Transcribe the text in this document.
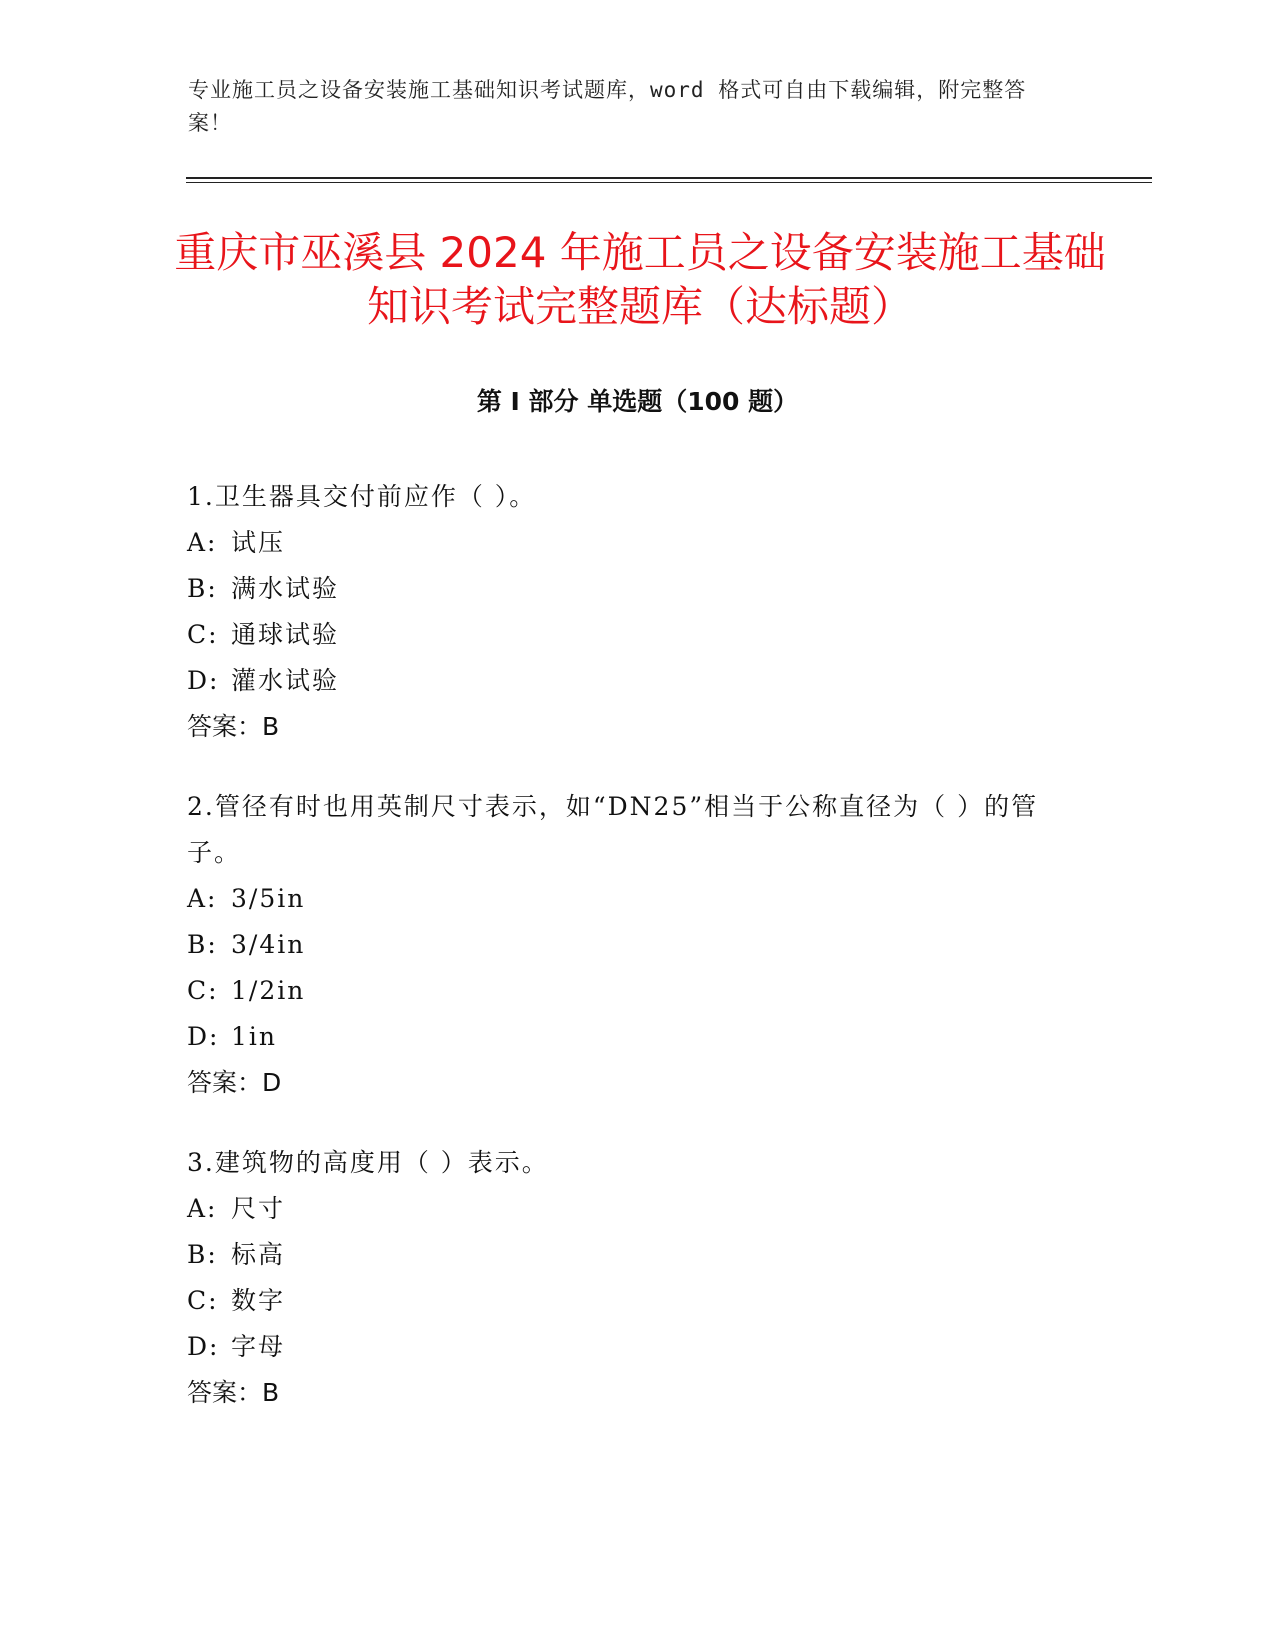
专业施工员之设备安装施工基础知识考试题库，word 格式可自由下载编辑，附完整答案！
重庆市巫溪县 2024 年施工员之设备安装施工基础知识考试完整题库（达标题）
第 I 部分 单选题（100 题）

1.卫生器具交付前应作（ ）。

A: 试压

B: 满水试验

C: 通球试验

D: 灌水试验

答案：B

2.管径有时也用英制尺寸表示，如“DN25”相当于公称直径为（ ）的管子。

A: 3/5in

B: 3/4in

C: 1/2in

D: 1in

答案：D

3.建筑物的高度用（ ）表示。

A: 尺寸

B: 标高

C: 数字

D: 字母

答案：B
